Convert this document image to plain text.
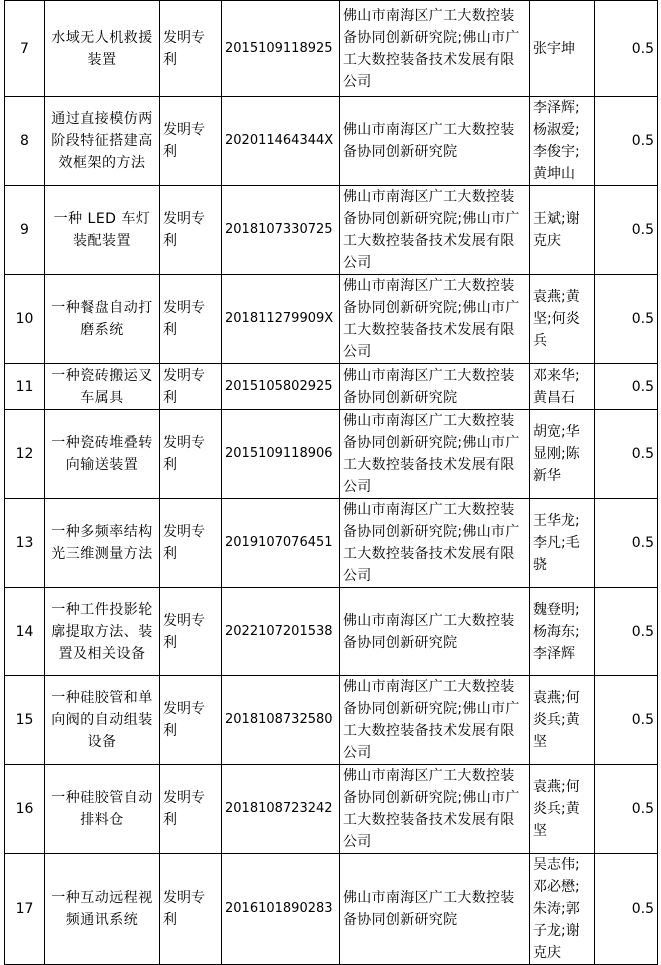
7	水域无人机救援装置	发明专利	2015109118925	佛山市南海区广工大数控装备协同创新研究院;佛山市广工大数控装备技术发展有限公司	张宇坤	0.5
8	通过直接模仿两阶段特征搭建高效框架的方法	发明专利	202011464344X	佛山市南海区广工大数控装备协同创新研究院	李泽辉;杨淑爱;李俊宇;黄坤山	0.5
9	一种 LED 车灯装配装置	发明专利	2018107330725	佛山市南海区广工大数控装备协同创新研究院;佛山市广工大数控装备技术发展有限公司	王斌;谢克庆	0.5
10	一种餐盘自动打磨系统	发明专利	201811279909X	佛山市南海区广工大数控装备协同创新研究院;佛山市广工大数控装备技术发展有限公司	袁燕;黄坚;何炎兵	0.5
11	一种瓷砖搬运叉车属具	发明专利	2015105802925	佛山市南海区广工大数控装备协同创新研究院	邓来华;黄昌石	0.5
12	一种瓷砖堆叠转向输送装置	发明专利	2015109118906	佛山市南海区广工大数控装备协同创新研究院;佛山市广工大数控装备技术发展有限公司	胡宽;华显刚;陈新华	0.5
13	一种多频率结构光三维测量方法	发明专利	2019107076451	佛山市南海区广工大数控装备协同创新研究院;佛山市广工大数控装备技术发展有限公司	王华龙;李凡;毛骁	0.5
14	一种工件投影轮廓提取方法、装置及相关设备	发明专利	2022107201538	佛山市南海区广工大数控装备协同创新研究院	魏登明;杨海东;李泽辉	0.5
15	一种硅胶管和单向阀的自动组装设备	发明专利	2018108732580	佛山市南海区广工大数控装备协同创新研究院;佛山市广工大数控装备技术发展有限公司	袁燕;何炎兵;黄坚	0.5
16	一种硅胶管自动排料仓	发明专利	2018108723242	佛山市南海区广工大数控装备协同创新研究院;佛山市广工大数控装备技术发展有限公司	袁燕;何炎兵;黄坚	0.5
17	一种互动远程视频通讯系统	发明专利	2016101890283	佛山市南海区广工大数控装备协同创新研究院	吴志伟;邓必懋;朱涛;郭子龙;谢克庆	0.5
